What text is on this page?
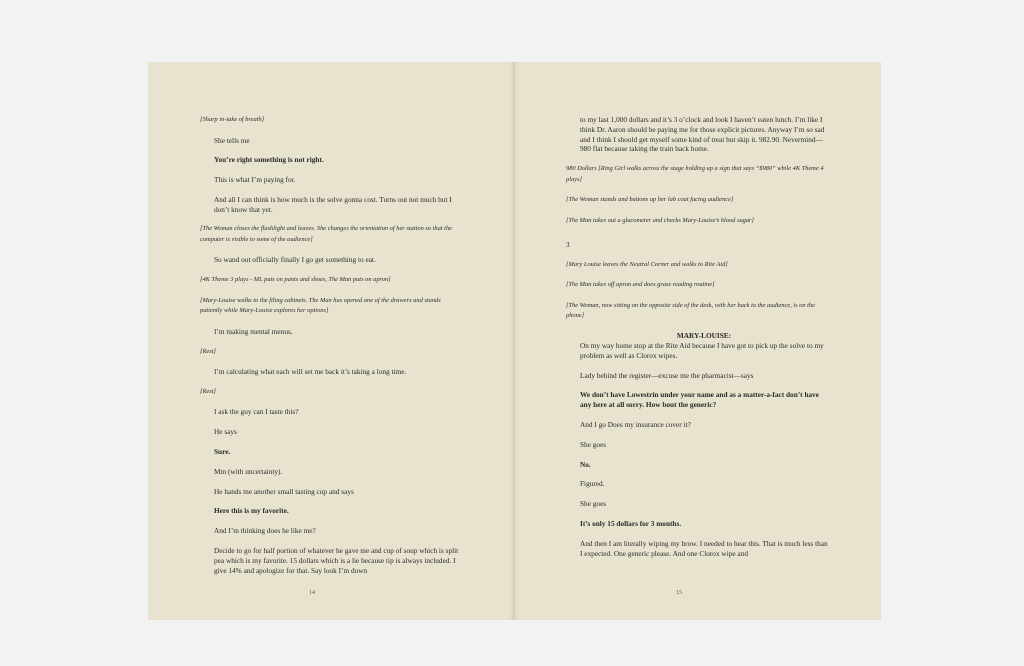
14	15

[Sharp in-take of breath]

She tells me

You’re right something is not right.

This is what I’m paying for.

And all I can think is how much is the solve gonna cost. Turns out not much but I don’t know that yet.

[The Woman closes the flashlight and leaves. She changes the orientation of her station so that the computer is visible to some of the audience]

So wand out officially finally I go get something to eat.

[4K Theme 3 plays - ML puts on pants and shoes, The Man puts on apron]

[Mary-Louise walks to the filing cabinets. The Man has opened one of the drawers and stands patiently while Mary-Louise explores her options]

I’m making mental menus.

[Rest]

I’m calculating what each will set me back it’s taking a long time.

[Rest]

I ask the guy can I taste this?

He says

Sure.

Mm (with uncertainty).

He hands me another small tasting cup and says

Here this is my favorite.

And I’m thinking does he like me?

Decide to go for half portion of whatever he gave me and cup of soup which is split pea which is my favorite. 15 dollars which is a lie because tip is always included. I give 14% and apologize for that. Say look I’m down

to my last 1,000 dollars and it’s 3 o’clock and look I haven’t eaten lunch. I’m like I think Dr. Aaron should be paying me for those explicit pictures. Anyway I’m so sad and I think I should get myself some kind of treat but skip it. 982.90. Nevermind—980 flat because taking the train back home.

980 Dollars [Ring Girl walks across the stage holding up a sign that says “$980” while 4K Theme 4 plays]

[The Woman stands and buttons up her lab coat facing audience]

[The Man takes out a glucometer and checks Mary-Louise’s blood sugar]

3

[Mary Louise leaves the Neutral Corner and walks to Rite Aid]

[The Man takes off apron and does grass reading routine]

[The Woman, now sitting on the opposite side of the desk, with her back to the audience, is on the phone]

MARY-LOUISE:

On my way home stop at the Rite Aid because I have got to pick up the solve to my problem as well as Clorox wipes.

Lady behind the register—excuse me the pharmacist—says

We don’t have Lowestrin under your name and as a matter-a-fact don’t have any here at all sorry. How bout the generic?

And I go Does my insurance cover it?

She goes

No.

Figured.

She goes

It’s only 15 dollars for 3 months.

And then I am literally wiping my brow. I needed to hear this. That is much less than I expected. One generic please. And one Clorox wipe and
